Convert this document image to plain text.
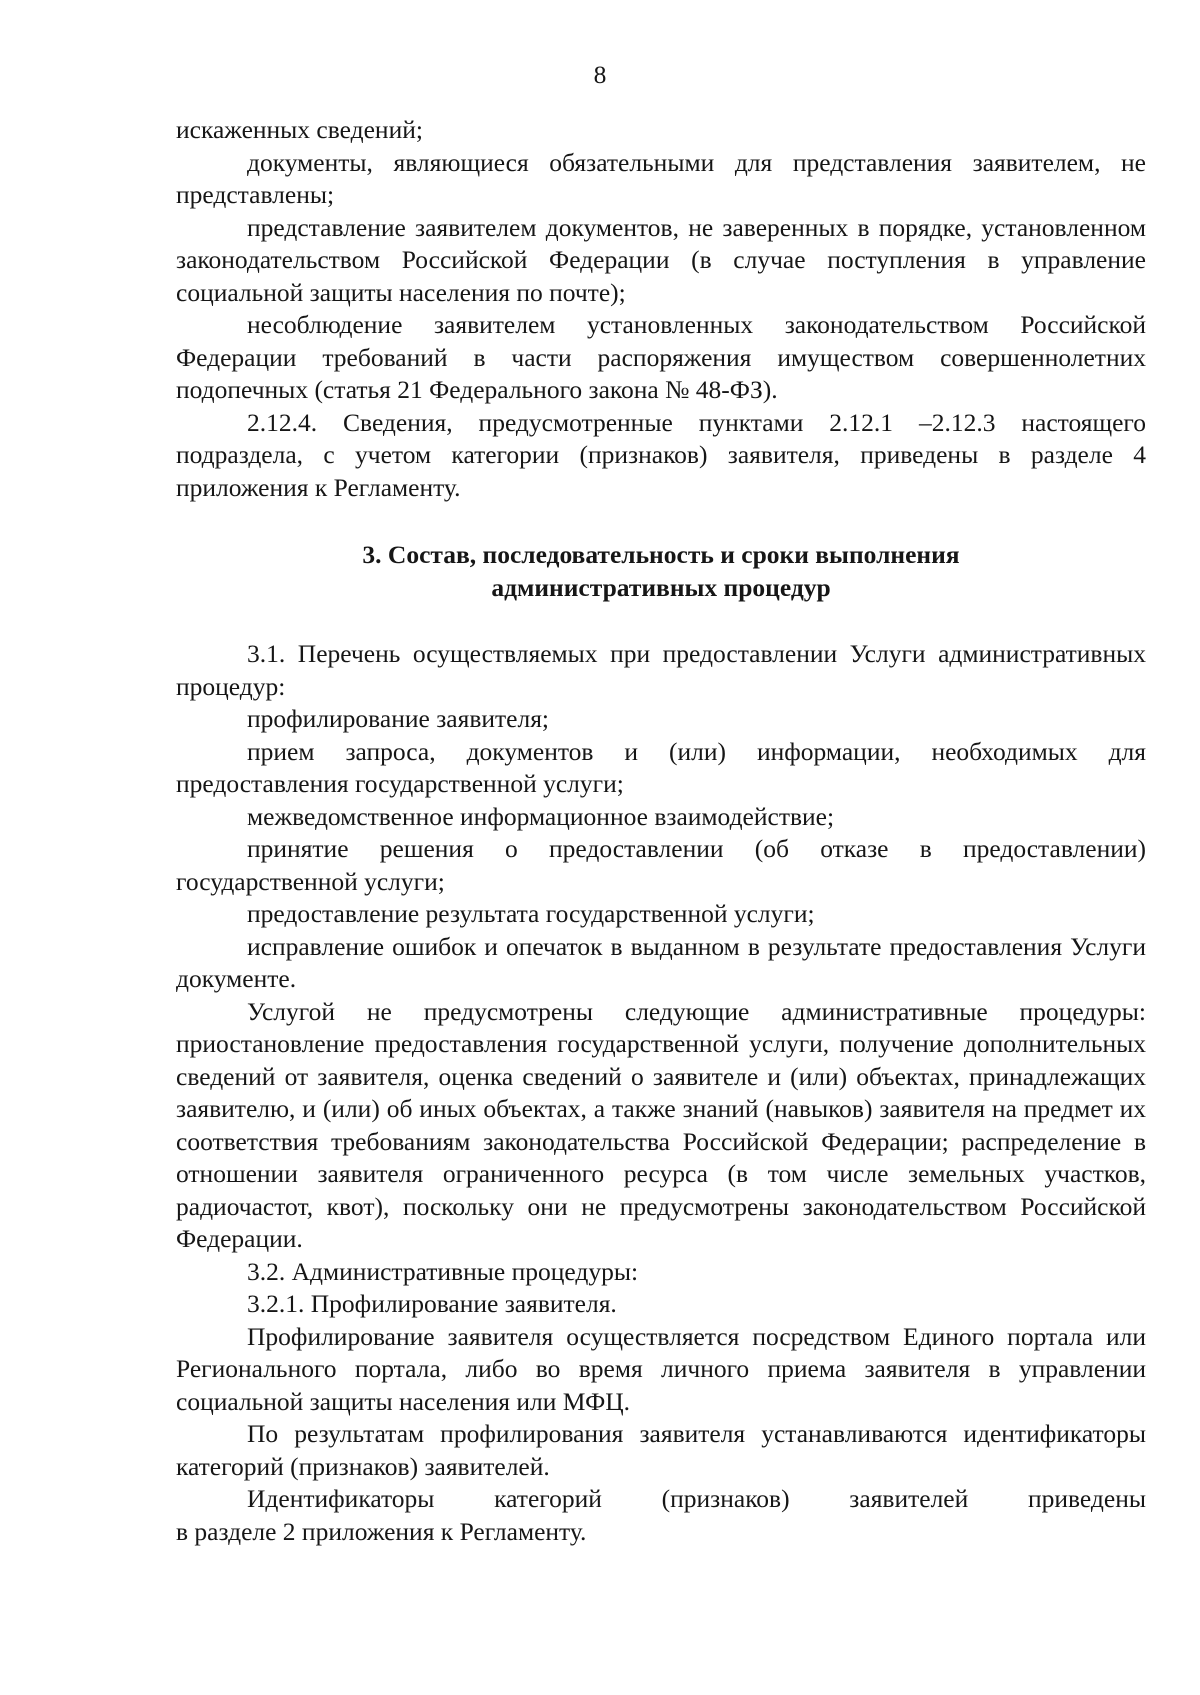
8

искаженных сведений;

документы, являющиеся обязательными для представления заявителем, не представлены;

представление заявителем документов, не заверенных в порядке, установленном законодательством Российской Федерации (в случае поступления в управление социальной защиты населения по почте);

несоблюдение заявителем установленных законодательством Российской Федерации требований в части распоряжения имуществом совершеннолетних подопечных (статья 21 Федерального закона № 48-ФЗ).

2.12.4. Сведения, предусмотренные пунктами 2.12.1 –2.12.3 настоящего подраздела, с учетом категории (признаков) заявителя, приведены в разделе 4 приложения к Регламенту.

3. Состав, последовательность и сроки выполнения
административных процедур

3.1. Перечень осуществляемых при предоставлении Услуги административных процедур:

профилирование заявителя;

прием запроса, документов и (или) информации, необходимых для предоставления государственной услуги;

межведомственное информационное взаимодействие;

принятие решения о предоставлении (об отказе в предоставлении) государственной услуги;

предоставление результата государственной услуги;

исправление ошибок и опечаток в выданном в результате предоставления Услуги документе.

Услугой не предусмотрены следующие административные процедуры: приостановление предоставления государственной услуги, получение дополнительных сведений от заявителя, оценка сведений о заявителе и (или) объектах, принадлежащих заявителю, и (или) об иных объектах, а также знаний (навыков) заявителя на предмет их соответствия требованиям законодательства Российской Федерации; распределение в отношении заявителя ограниченного ресурса (в том числе земельных участков, радиочастот, квот), поскольку они не предусмотрены законодательством Российской Федерации.

3.2. Административные процедуры:

3.2.1. Профилирование заявителя.

Профилирование заявителя осуществляется посредством Единого портала или Регионального портала, либо во время личного приема заявителя в управлении социальной защиты населения или МФЦ.

По результатам профилирования заявителя устанавливаются идентификаторы категорий (признаков) заявителей.

Идентификаторы категорий (признаков) заявителей приведены

в разделе 2 приложения к Регламенту.
